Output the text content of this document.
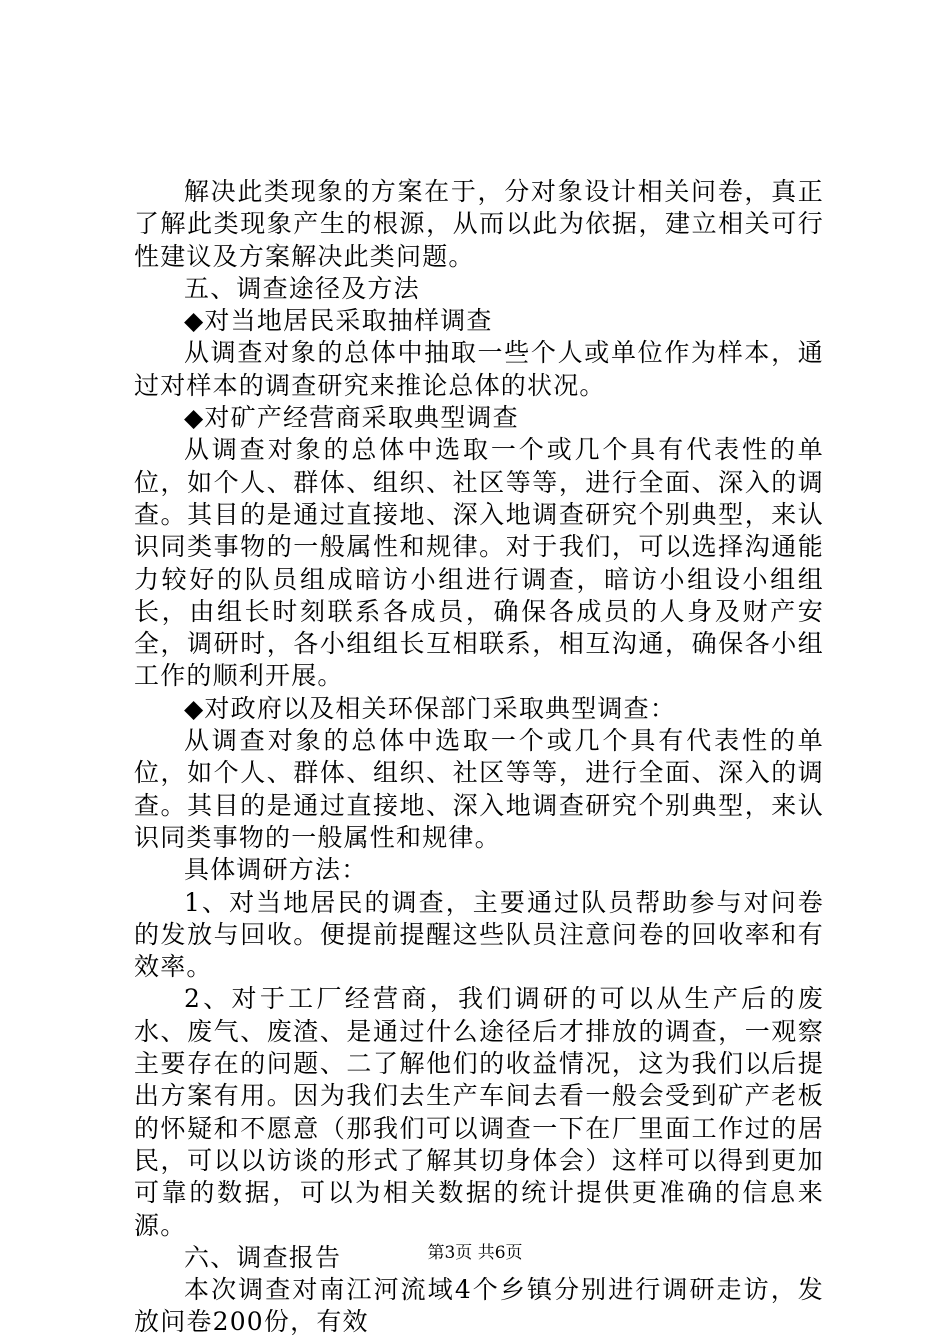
解决此类现象的方案在于，分对象设计相关问卷，真正了解此类现象产生的根源，从而以此为依据，建立相关可行性建议及方案解决此类问题。

五、调查途径及方法

◆对当地居民采取抽样调查

从调查对象的总体中抽取一些个人或单位作为样本，通过对样本的调查研究来推论总体的状况。

◆对矿产经营商采取典型调查

从调查对象的总体中选取一个或几个具有代表性的单位，如个人、群体、组织、社区等等，进行全面、深入的调查。其目的是通过直接地、深入地调查研究个别典型，来认识同类事物的一般属性和规律。对于我们，可以选择沟通能力较好的队员组成暗访小组进行调查，暗访小组设小组组长，由组长时刻联系各成员，确保各成员的人身及财产安全，调研时，各小组组长互相联系，相互沟通，确保各小组工作的顺利开展。

◆对政府以及相关环保部门采取典型调查：

从调查对象的总体中选取一个或几个具有代表性的单位，如个人、群体、组织、社区等等，进行全面、深入的调查。其目的是通过直接地、深入地调查研究个别典型，来认识同类事物的一般属性和规律。

具体调研方法：

1、对当地居民的调查，主要通过队员帮助参与对问卷的发放与回收。便提前提醒这些队员注意问卷的回收率和有效率。

2、对于工厂经营商，我们调研的可以从生产后的废水、废气、废渣、是通过什么途径后才排放的调查，一观察主要存在的问题、二了解他们的收益情况，这为我们以后提出方案有用。因为我们去生产车间去看一般会受到矿产老板的怀疑和不愿意（那我们可以调查一下在厂里面工作过的居民，可以以访谈的形式了解其切身体会）这样可以得到更加可靠的数据，可以为相关数据的统计提供更准确的信息来源。

六、调查报告

本次调查对南江河流域4个乡镇分别进行调研走访，发放问卷200份，有效

第3页 共6页
